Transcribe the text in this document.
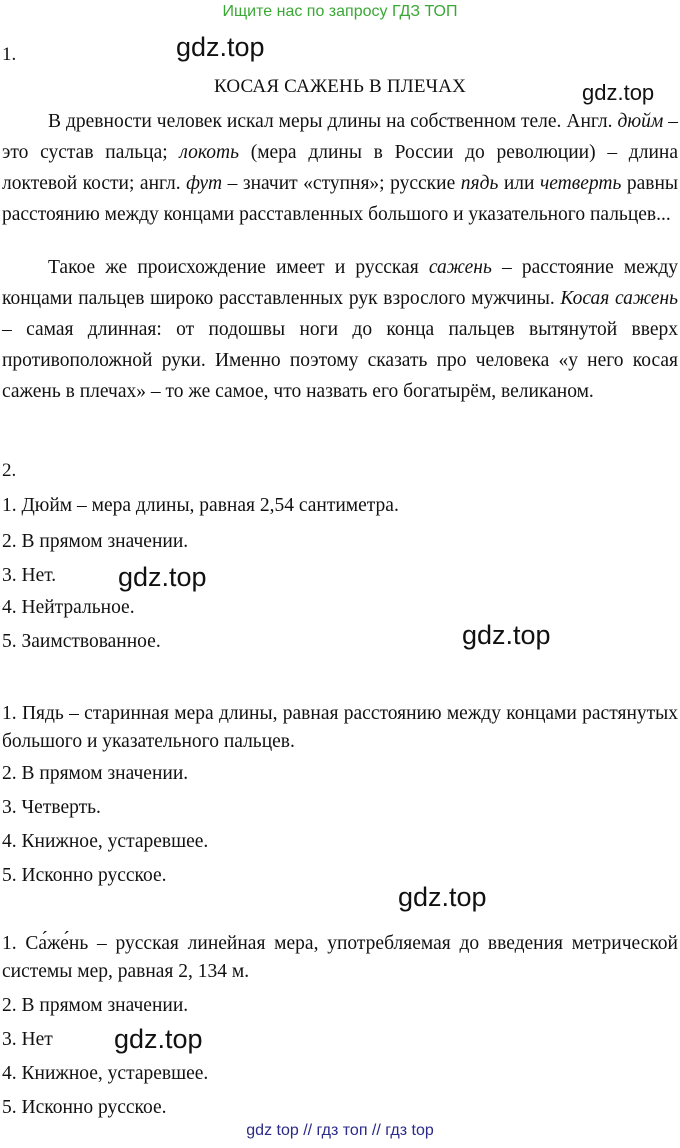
Ищите нас по запросу ГДЗ ТОП
1.	gdz.top
КОСАЯ САЖЕНЬ В ПЛЕЧАХ	gdz.top

В древности человек искал меры длины на собственном теле. Англ. дюйм – это сустав пальца; локоть (мера длины в России до революции) – длина локтевой кости; англ. фут – значит «ступня»; русские пядь или четверть равны расстоянию между концами расставленных большого и указательного пальцев...

Такое же происхождение имеет и русская сажень – расстояние между концами пальцев широко расставленных рук взрослого мужчины. Косая сажень – самая длинная: от подошвы ноги до конца пальцев вытянутой вверх противоположной руки. Именно поэтому сказать про человека «у него косая сажень в плечах» – то же самое, что назвать его богатырём, великаном.

2.
1. Дюйм – мера длины, равная 2,54 сантиметра.
2. В прямом значении.
3. Нет.	gdz.top
4. Нейтральное.
5. Заимствованное.	gdz.top

1. Пядь – старинная мера длины, равная расстоянию между концами растянутых большого и указательного пальцев.

2. В прямом значении.
3. Четверть.
4. Книжное, устаревшее.
5. Исконно русское.
gdz.top

1. Са́же́нь – русская линейная мера, употребляемая до введения метрической системы мер, равная 2, 134 м.

2. В прямом значении.
3. Нет	gdz.top
4. Книжное, устаревшее.
5. Исконно русское.
gdz top // гдз топ // гдз top
